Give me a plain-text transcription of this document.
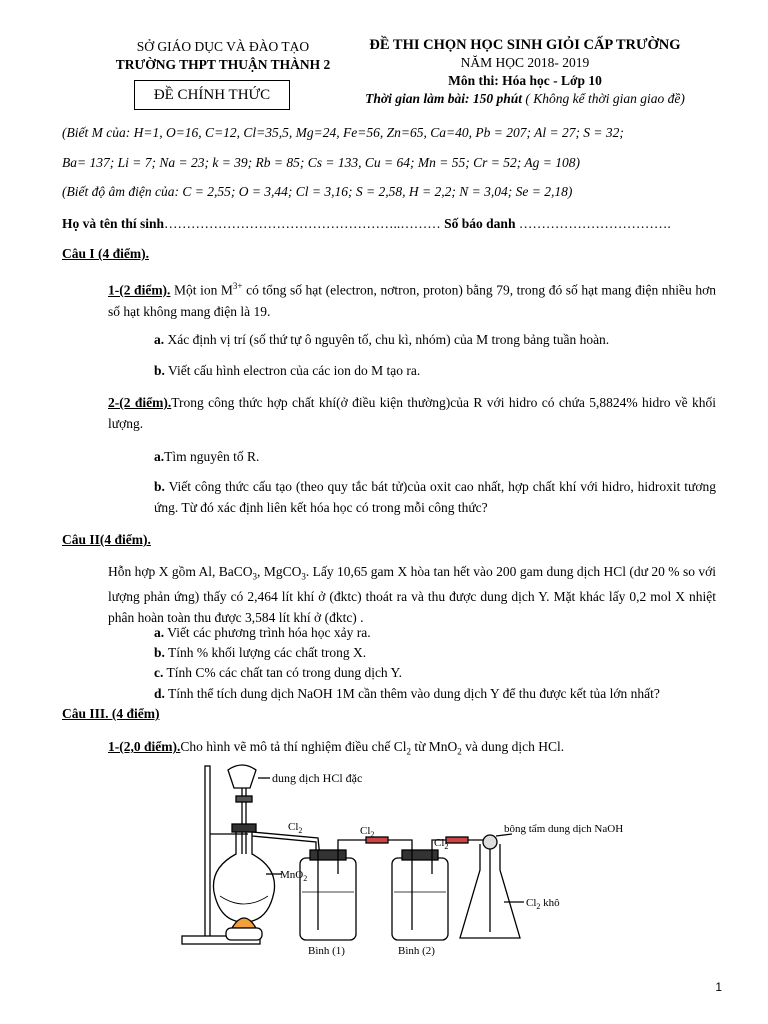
SỞ GIÁO DỤC VÀ ĐÀO TẠO
TRƯỜNG THPT THUẬN THÀNH 2
ĐỀ CHÍNH THỨC
ĐỀ THI CHỌN HỌC SINH GIỎI CẤP TRƯỜNG
NĂM HỌC 2018- 2019
Môn thi: Hóa học - Lớp 10
Thời gian làm bài: 150 phút ( Không kể thời gian giao đề)
(Biết M của: H=1, O=16, C=12, Cl=35,5, Mg=24, Fe=56, Zn=65, Ca=40, Pb = 207; Al = 27; S = 32;
Ba= 137; Li = 7; Na = 23; k = 39; Rb = 85; Cs = 133, Cu = 64; Mn = 55; Cr = 52; Ag = 108)
(Biết độ âm điện của: C = 2,55; O = 3,44; Cl = 3,16; S = 2,58, H = 2,2; N = 3,04; Se = 2,18)
Họ và tên thí sinh……………………………………………..……… Số báo danh …………………………….
Câu I (4 điểm).
1-(2 điểm). Một ion $M^{3+}$ có tổng số hạt (electron, nơtron, proton) bằng 79, trong đó số hạt mang điện nhiều hơn số hạt không mang điện là 19.
a. Xác định vị trí (số thứ tự ô nguyên tố, chu kì, nhóm) của M trong bảng tuần hoàn.
b. Viết cấu hình electron của các ion do M tạo ra.
2-(2 điểm).Trong công thức hợp chất khí(ở điều kiện thường)của R với hidro có chứa 5,8824% hidro về khối lượng.
a.Tìm nguyên tố R.
b. Viết công thức cấu tạo (theo quy tắc bát tử)của oxit cao nhất, hợp chất khí với hidro, hidroxit tương ứng. Từ đó xác định liên kết hóa học có trong mỗi công thức?
Câu II(4 điểm).
Hỗn hợp X gồm Al, BaCO$_3$, MgCO$_3$. Lấy 10,65 gam X hòa tan hết vào 200 gam dung dịch HCl (dư 20 % so với lượng phản ứng) thấy có 2,464 lít khí ở (đktc) thoát ra và thu được dung dịch Y. Mặt khác lấy 0,2 mol X nhiệt phân hoàn toàn thu được 3,584 lít khí ở (đktc) .
a. Viết các phương trình hóa học xảy ra.
b. Tính % khối lượng các chất trong X.
c. Tính C% các chất tan có trong dung dịch Y.
d. Tính thể tích dung dịch NaOH 1M cần thêm vào dung dịch Y để thu được kết tủa lớn nhất?
Câu III. (4 điểm)
1-(2,0 điểm).Cho hình vẽ mô tả thí nghiệm điều chế $Cl_2$ từ MnO$_2$ và dung dịch HCl.
dung dịch HCl đặc
$Cl_2$	$Cl_2$
$Cl_2$
bông tẩm dung dịch NaOH
MnO$_2$
$Cl_2$ khô
Bình (1)	Bình (2)
1
